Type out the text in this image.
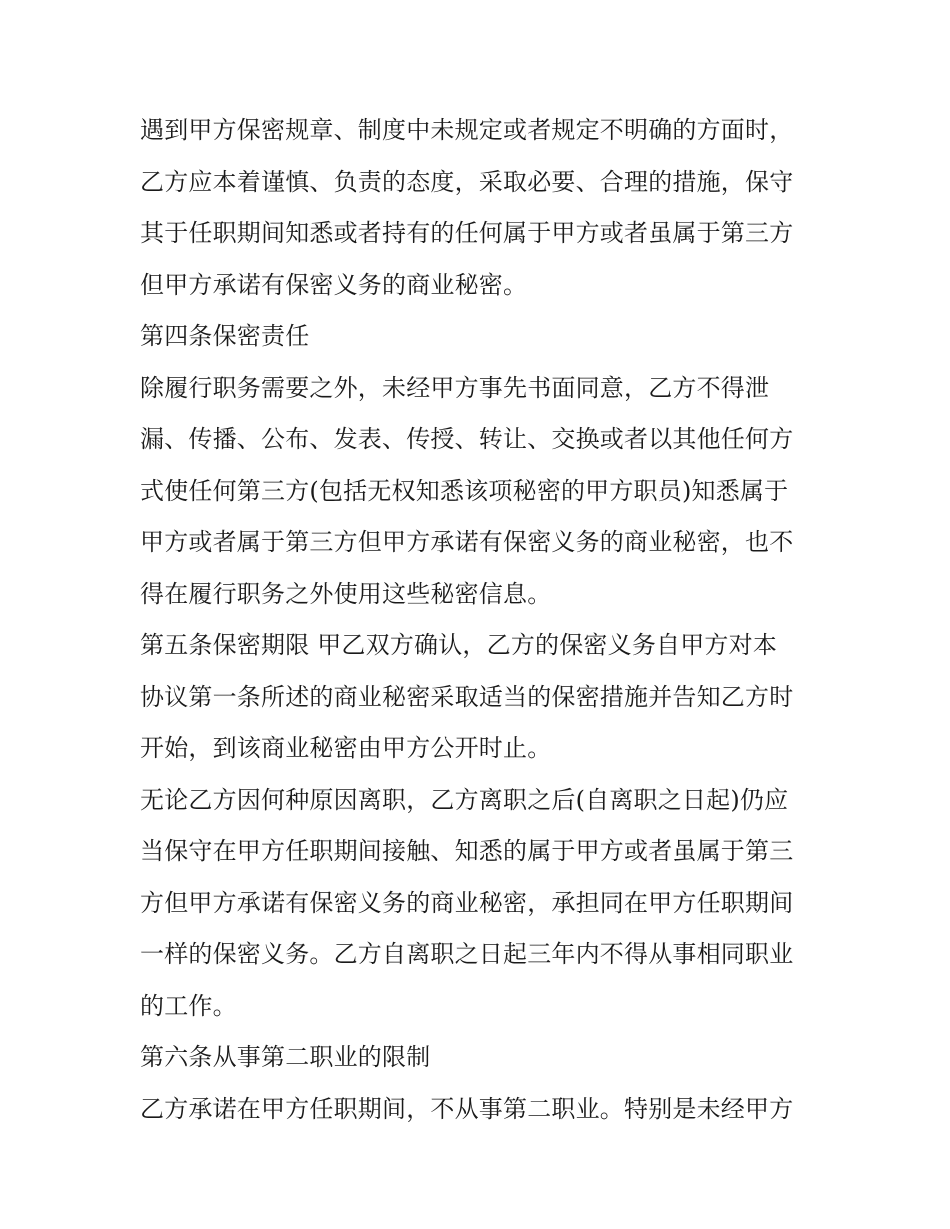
遇到甲方保密规章、制度中未规定或者规定不明确的方面时，
乙方应本着谨慎、负责的态度，采取必要、合理的措施，保守
其于任职期间知悉或者持有的任何属于甲方或者虽属于第三方
但甲方承诺有保密义务的商业秘密。
第四条保密责任
除履行职务需要之外，未经甲方事先书面同意，乙方不得泄
漏、传播、公布、发表、传授、转让、交换或者以其他任何方
式使任何第三方(包括无权知悉该项秘密的甲方职员)知悉属于
甲方或者属于第三方但甲方承诺有保密义务的商业秘密，也不
得在履行职务之外使用这些秘密信息。
第五条保密期限 甲乙双方确认，乙方的保密义务自甲方对本
协议第一条所述的商业秘密采取适当的保密措施并告知乙方时
开始，到该商业秘密由甲方公开时止。
无论乙方因何种原因离职，乙方离职之后(自离职之日起)仍应
当保守在甲方任职期间接触、知悉的属于甲方或者虽属于第三
方但甲方承诺有保密义务的商业秘密，承担同在甲方任职期间
一样的保密义务。乙方自离职之日起三年内不得从事相同职业
的工作。
第六条从事第二职业的限制
乙方承诺在甲方任职期间，不从事第二职业。特别是未经甲方
